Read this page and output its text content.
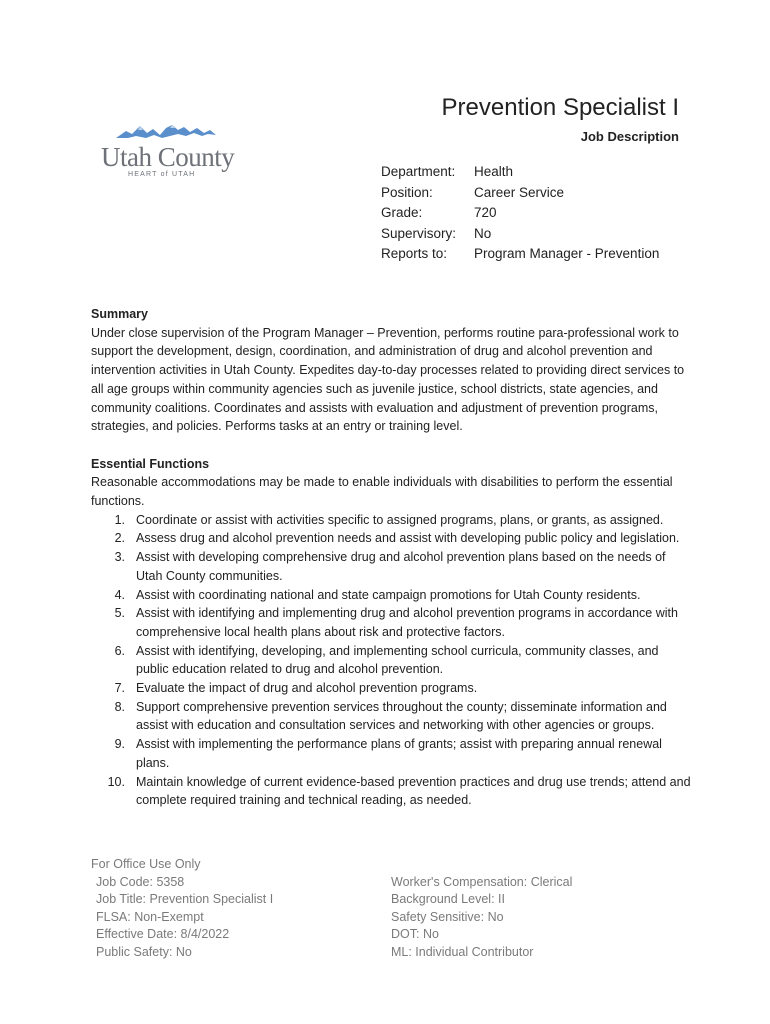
Utah County
HEART of UTAH
Prevention Specialist I
Job Description
Department: Health
Position:	Career Service
Grade:	720
Supervisory: No
Reports to: Program Manager - Prevention
Summary

Under close supervision of the Program Manager – Prevention, performs routine para-professional work to support the development, design, coordination, and administration of drug and alcohol prevention and intervention activities in Utah County. Expedites day-to-day processes related to providing direct services to all age groups within community agencies such as juvenile justice, school districts, state agencies, and community coalitions. Coordinates and assists with evaluation and adjustment of prevention programs, strategies, and policies. Performs tasks at an entry or training level.

Essential Functions

Reasonable accommodations may be made to enable individuals with disabilities to perform the essential functions.

1. Coordinate or assist with activities specific to assigned programs, plans, or grants, as assigned.
2. Assess drug and alcohol prevention needs and assist with developing public policy and legislation.
3. Assist with developing comprehensive drug and alcohol prevention plans based on the needs of Utah County communities.
4. Assist with coordinating national and state campaign promotions for Utah County residents.
5. Assist with identifying and implementing drug and alcohol prevention programs in accordance with comprehensive local health plans about risk and protective factors.
6. Assist with identifying, developing, and implementing school curricula, community classes, and public education related to drug and alcohol prevention.
7. Evaluate the impact of drug and alcohol prevention programs.
8. Support comprehensive prevention services throughout the county; disseminate information and assist with education and consultation services and networking with other agencies or groups.
9. Assist with implementing the performance plans of grants; assist with preparing annual renewal plans.
10. Maintain knowledge of current evidence-based prevention practices and drug use trends; attend and complete required training and technical reading, as needed.
For Office Use Only
Job Code: 5358
Job Title: Prevention Specialist I
FLSA: Non-Exempt
Effective Date: 8/4/2022
Public Safety: No
Worker's Compensation: Clerical
Background Level: II
Safety Sensitive: No
DOT: No
ML: Individual Contributor
